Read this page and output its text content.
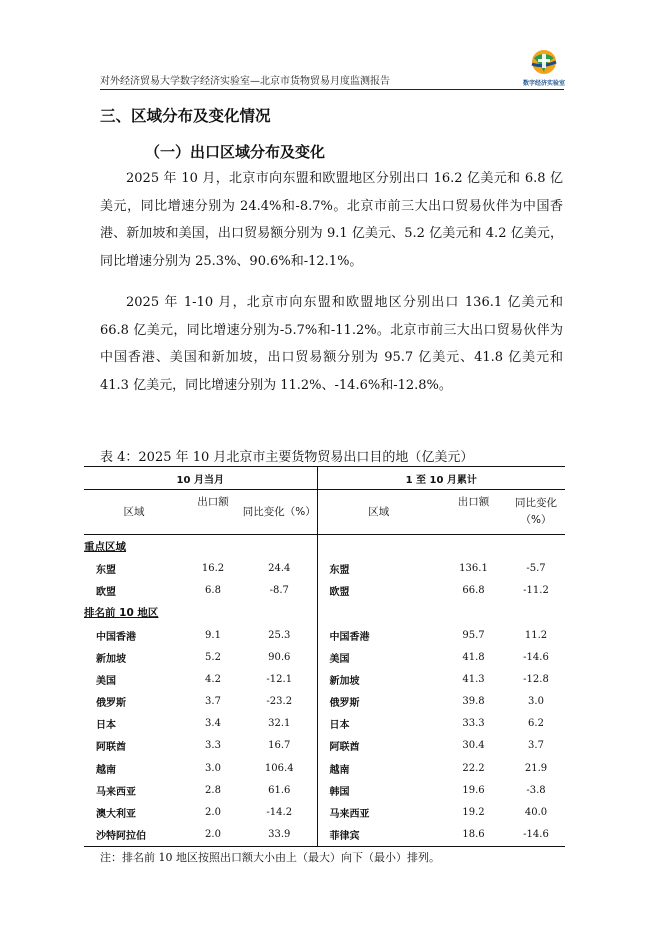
对外经济贸易大学数字经济实验室—北京市货物贸易月度监测报告	数字经济实验室
三、区域分布及变化情况
（一）出口区域分布及变化
2025 年 10 月，北京市向东盟和欧盟地区分别出口 16.2 亿美元和 6.8 亿美元，同比增速分别为 24.4%和-8.7%。北京市前三大出口贸易伙伴为中国香港、新加坡和美国，出口贸易额分别为 9.1 亿美元、5.2 亿美元和 4.2 亿美元，同比增速分别为 25.3%、90.6%和-12.1%。
2025 年 1-10 月，北京市向东盟和欧盟地区分别出口 136.1 亿美元和 66.8 亿美元，同比增速分别为-5.7%和-11.2%。北京市前三大出口贸易伙伴为中国香港、美国和新加坡，出口贸易额分别为 95.7 亿美元、41.8 亿美元和 41.3 亿美元，同比增速分别为 11.2%、-14.6%和-12.8%。
表 4：2025 年 10 月北京市主要货物贸易出口目的地（亿美元）
10 月当月			1 至 10 月累计		
区域	出口额	同比变化（%）	区域	出口额	同比变化（%）
重点区域					
东盟	16.2	24.4	东盟	136.1	-5.7
欧盟	6.8	-8.7	欧盟	66.8	-11.2
排名前 10 地区					
中国香港	9.1	25.3	中国香港	95.7	11.2
新加坡	5.2	90.6	美国	41.8	-14.6
美国	4.2	-12.1	新加坡	41.3	-12.8
俄罗斯	3.7	-23.2	俄罗斯	39.8	3.0
日本	3.4	32.1	日本	33.3	6.2
阿联酋	3.3	16.7	阿联酋	30.4	3.7
越南	3.0	106.4	越南	22.2	21.9
马来西亚	2.8	61.6	韩国	19.6	-3.8
澳大利亚	2.0	-14.2	马来西亚	19.2	40.0
沙特阿拉伯	2.0	33.9	菲律宾	18.6	-14.6
注：排名前 10 地区按照出口额大小由上（最大）向下（最小）排列。
